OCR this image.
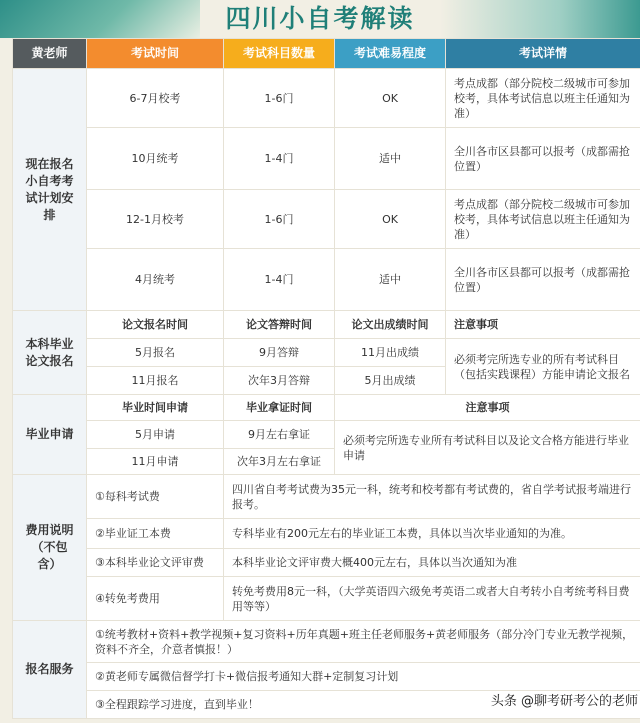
四川小自考解读
黄老师	考试时间	考试科目数量	考试难易程度	考试详情
现在报名小自考考试计划安排	6-7月校考	1-6门	OK	考点成都（部分院校二级城市可参加校考，具体考试信息以班主任通知为准）
	10月统考	1-4门	适中	全川各市区县都可以报考（成都需抢位置）
	12-1月校考	1-6门	OK	考点成都（部分院校二级城市可参加校考，具体考试信息以班主任通知为准）
	4月统考	1-4门	适中	全川各市区县都可以报考（成都需抢位置）
本科毕业论文报名	论文报名时间	论文答辩时间	论文出成绩时间	注意事项
	5月报名	9月答辩	11月出成绩	必须考完所选专业的所有考试科目（包括实践课程）方能申请论文报名
	11月报名	次年3月答辩	5月出成绩	
毕业申请	毕业时间申请	毕业拿证时间	注意事项	
	5月申请	9月左右拿证	必须考完所选专业所有考试科目以及论文合格方能进行毕业申请	
	11月申请	次年3月左右拿证		
费用说明（不包含）	①每科考试费	四川省自考考试费为35元一科，统考和校考都有考试费的，省自学考试报考端进行报考。		
	②毕业证工本费	专科毕业有200元左右的毕业证工本费，具体以当次毕业通知的为准。		
	③本科毕业论文评审费	本科毕业论文评审费大概400元左右，具体以当次通知为准		
	④转免考费用	转免考费用8元一科，（大学英语四六级免考英语二或者大自考转小自考统考科目费用等等）		
报名服务	①统考教材+资料+教学视频+复习资料+历年真题+班主任老师服务+黄老师服务（部分冷门专业无教学视频，资料不齐全，介意者慎报！）			
	②黄老师专属微信督学打卡+微信报考通知大群+定制复习计划			
	③全程跟踪学习进度，直到毕业！				头条 @聊考研考公的老师
